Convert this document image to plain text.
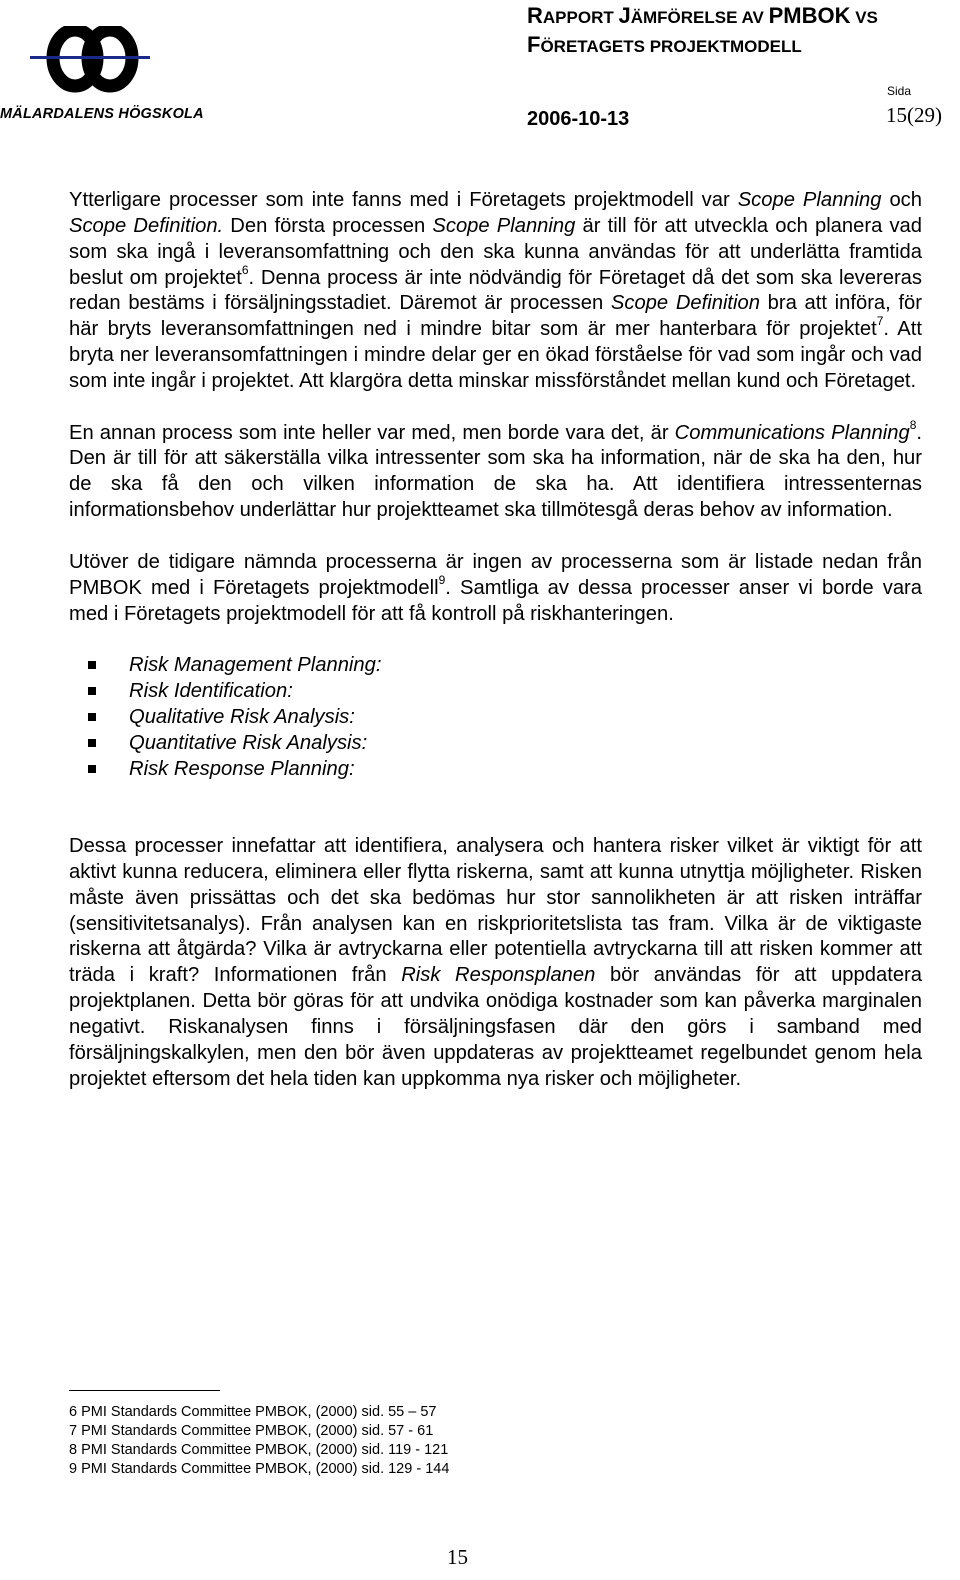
MÄLARDALENS HÖGSKOLA
RAPPORT JÄMFÖRELSE AV PMBOK VS
FÖRETAGETS PROJEKTMODELL
Sida
2006-10-13	15(29)

Ytterligare processer som inte fanns med i Företagets projektmodell var Scope Planning och Scope Definition. Den första processen Scope Planning är till för att utveckla och planera vad som ska ingå i leveransomfattning och den ska kunna användas för att underlätta framtida beslut om projektet$^6$. Denna process är inte nödvändig för Företaget då det som ska levereras redan bestäms i försäljningsstadiet. Däremot är processen Scope Definition bra att införa, för här bryts leveransomfattningen ned i mindre bitar som är mer hanterbara för projektet$^7$. Att bryta ner leveransomfattningen i mindre delar ger en ökad förståelse för vad som ingår och vad som inte ingår i projektet. Att klargöra detta minskar missförståndet mellan kund och Företaget.

En annan process som inte heller var med, men borde vara det, är Communications Planning$^8$. Den är till för att säkerställa vilka intressenter som ska ha information, när de ska ha den, hur de ska få den och vilken information de ska ha. Att identifiera intressenternas informationsbehov underlättar hur projektteamet ska tillmötesgå deras behov av information.

Utöver de tidigare nämnda processerna är ingen av processerna som är listade nedan från PMBOK med i Företagets projektmodell$^9$. Samtliga av dessa processer anser vi borde vara med i Företagets projektmodell för att få kontroll på riskhanteringen.

Risk Management Planning:
Risk Identification:
Qualitative Risk Analysis:
Quantitative Risk Analysis:
Risk Response Planning:

Dessa processer innefattar att identifiera, analysera och hantera risker vilket är viktigt för att aktivt kunna reducera, eliminera eller flytta riskerna, samt att kunna utnyttja möjligheter. Risken måste även prissättas och det ska bedömas hur stor sannolikheten är att risken inträffar (sensitivitetsanalys). Från analysen kan en riskprioritetslista tas fram. Vilka är de viktigaste riskerna att åtgärda? Vilka är avtryckarna eller potentiella avtryckarna till att risken kommer att träda i kraft? Informationen från Risk Responsplanen bör användas för att uppdatera projektplanen. Detta bör göras för att undvika onödiga kostnader som kan påverka marginalen negativt. Riskanalysen finns i försäljningsfasen där den görs i samband med försäljningskalkylen, men den bör även uppdateras av projektteamet regelbundet genom hela projektet eftersom det hela tiden kan uppkomma nya risker och möjligheter.

6 PMI Standards Committee PMBOK, (2000) sid. 55 – 57
7 PMI Standards Committee PMBOK, (2000) sid. 57 - 61
8 PMI Standards Committee PMBOK, (2000) sid. 119 - 121
9 PMI Standards Committee PMBOK, (2000) sid. 129 - 144
15
